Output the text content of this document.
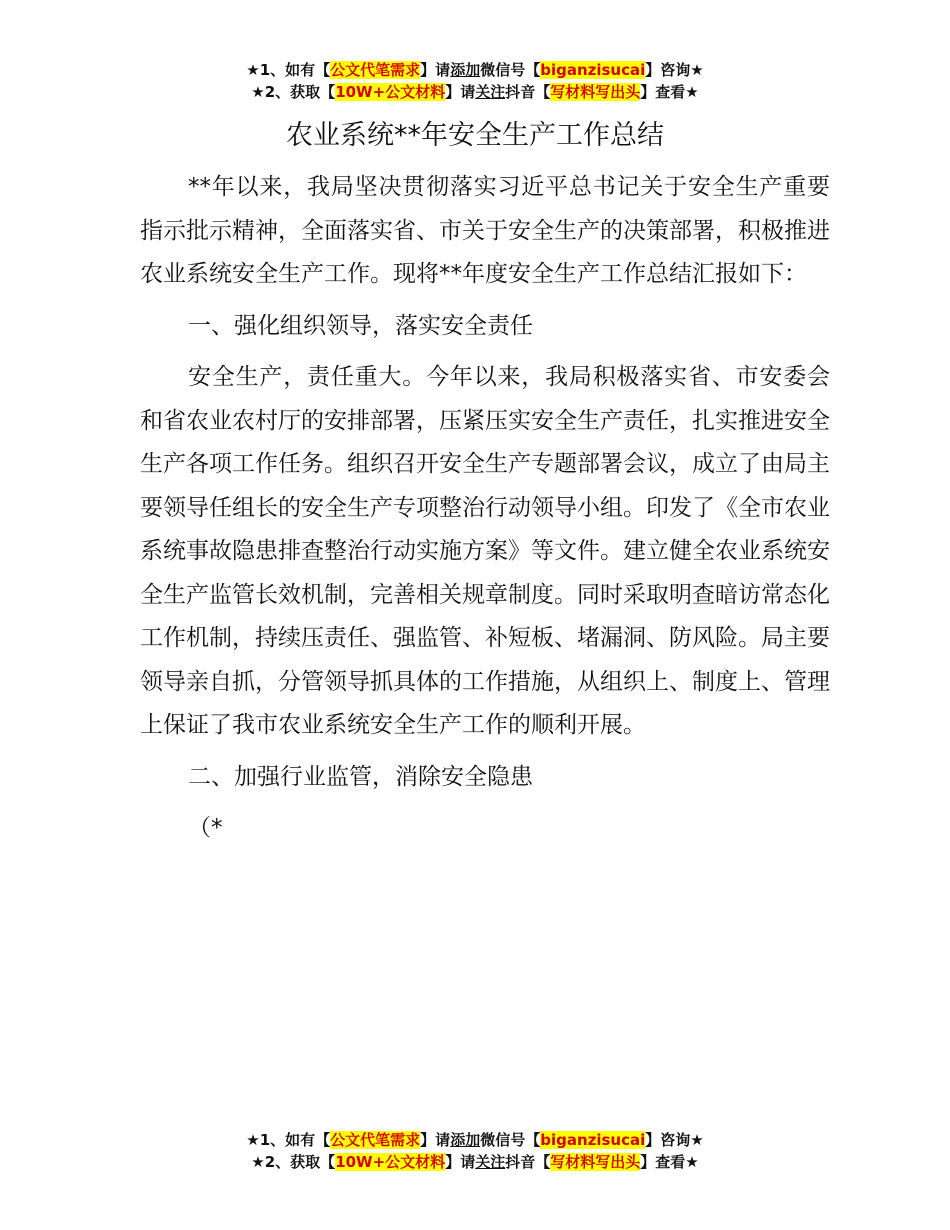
★1、如有【公文代笔需求】请添加微信号【biganzisucai】咨询★
★2、获取【10W+公文材料】请关注抖音【写材料写出头】查看★
农业系统**年安全生产工作总结

**年以来，我局坚决贯彻落实习近平总书记关于安全生产重要指示批示精神，全面落实省、市关于安全生产的决策部署，积极推进农业系统安全生产工作。现将**年度安全生产工作总结汇报如下：

一、强化组织领导，落实安全责任

安全生产，责任重大。今年以来，我局积极落实省、市安委会和省农业农村厅的安排部署，压紧压实安全生产责任，扎实推进安全生产各项工作任务。组织召开安全生产专题部署会议，成立了由局主要领导任组长的安全生产专项整治行动领导小组。印发了《全市农业系统事故隐患排查整治行动实施方案》等文件。建立健全农业系统安全生产监管长效机制，完善相关规章制度。同时采取明查暗访常态化工作机制，持续压责任、强监管、补短板、堵漏洞、防风险。局主要领导亲自抓，分管领导抓具体的工作措施，从组织上、制度上、管理上保证了我市农业系统安全生产工作的顺利开展。

二、加强行业监管，消除安全隐患

（*

★1、如有【公文代笔需求】请添加微信号【biganzisucai】咨询★
★2、获取【10W+公文材料】请关注抖音【写材料写出头】查看★
